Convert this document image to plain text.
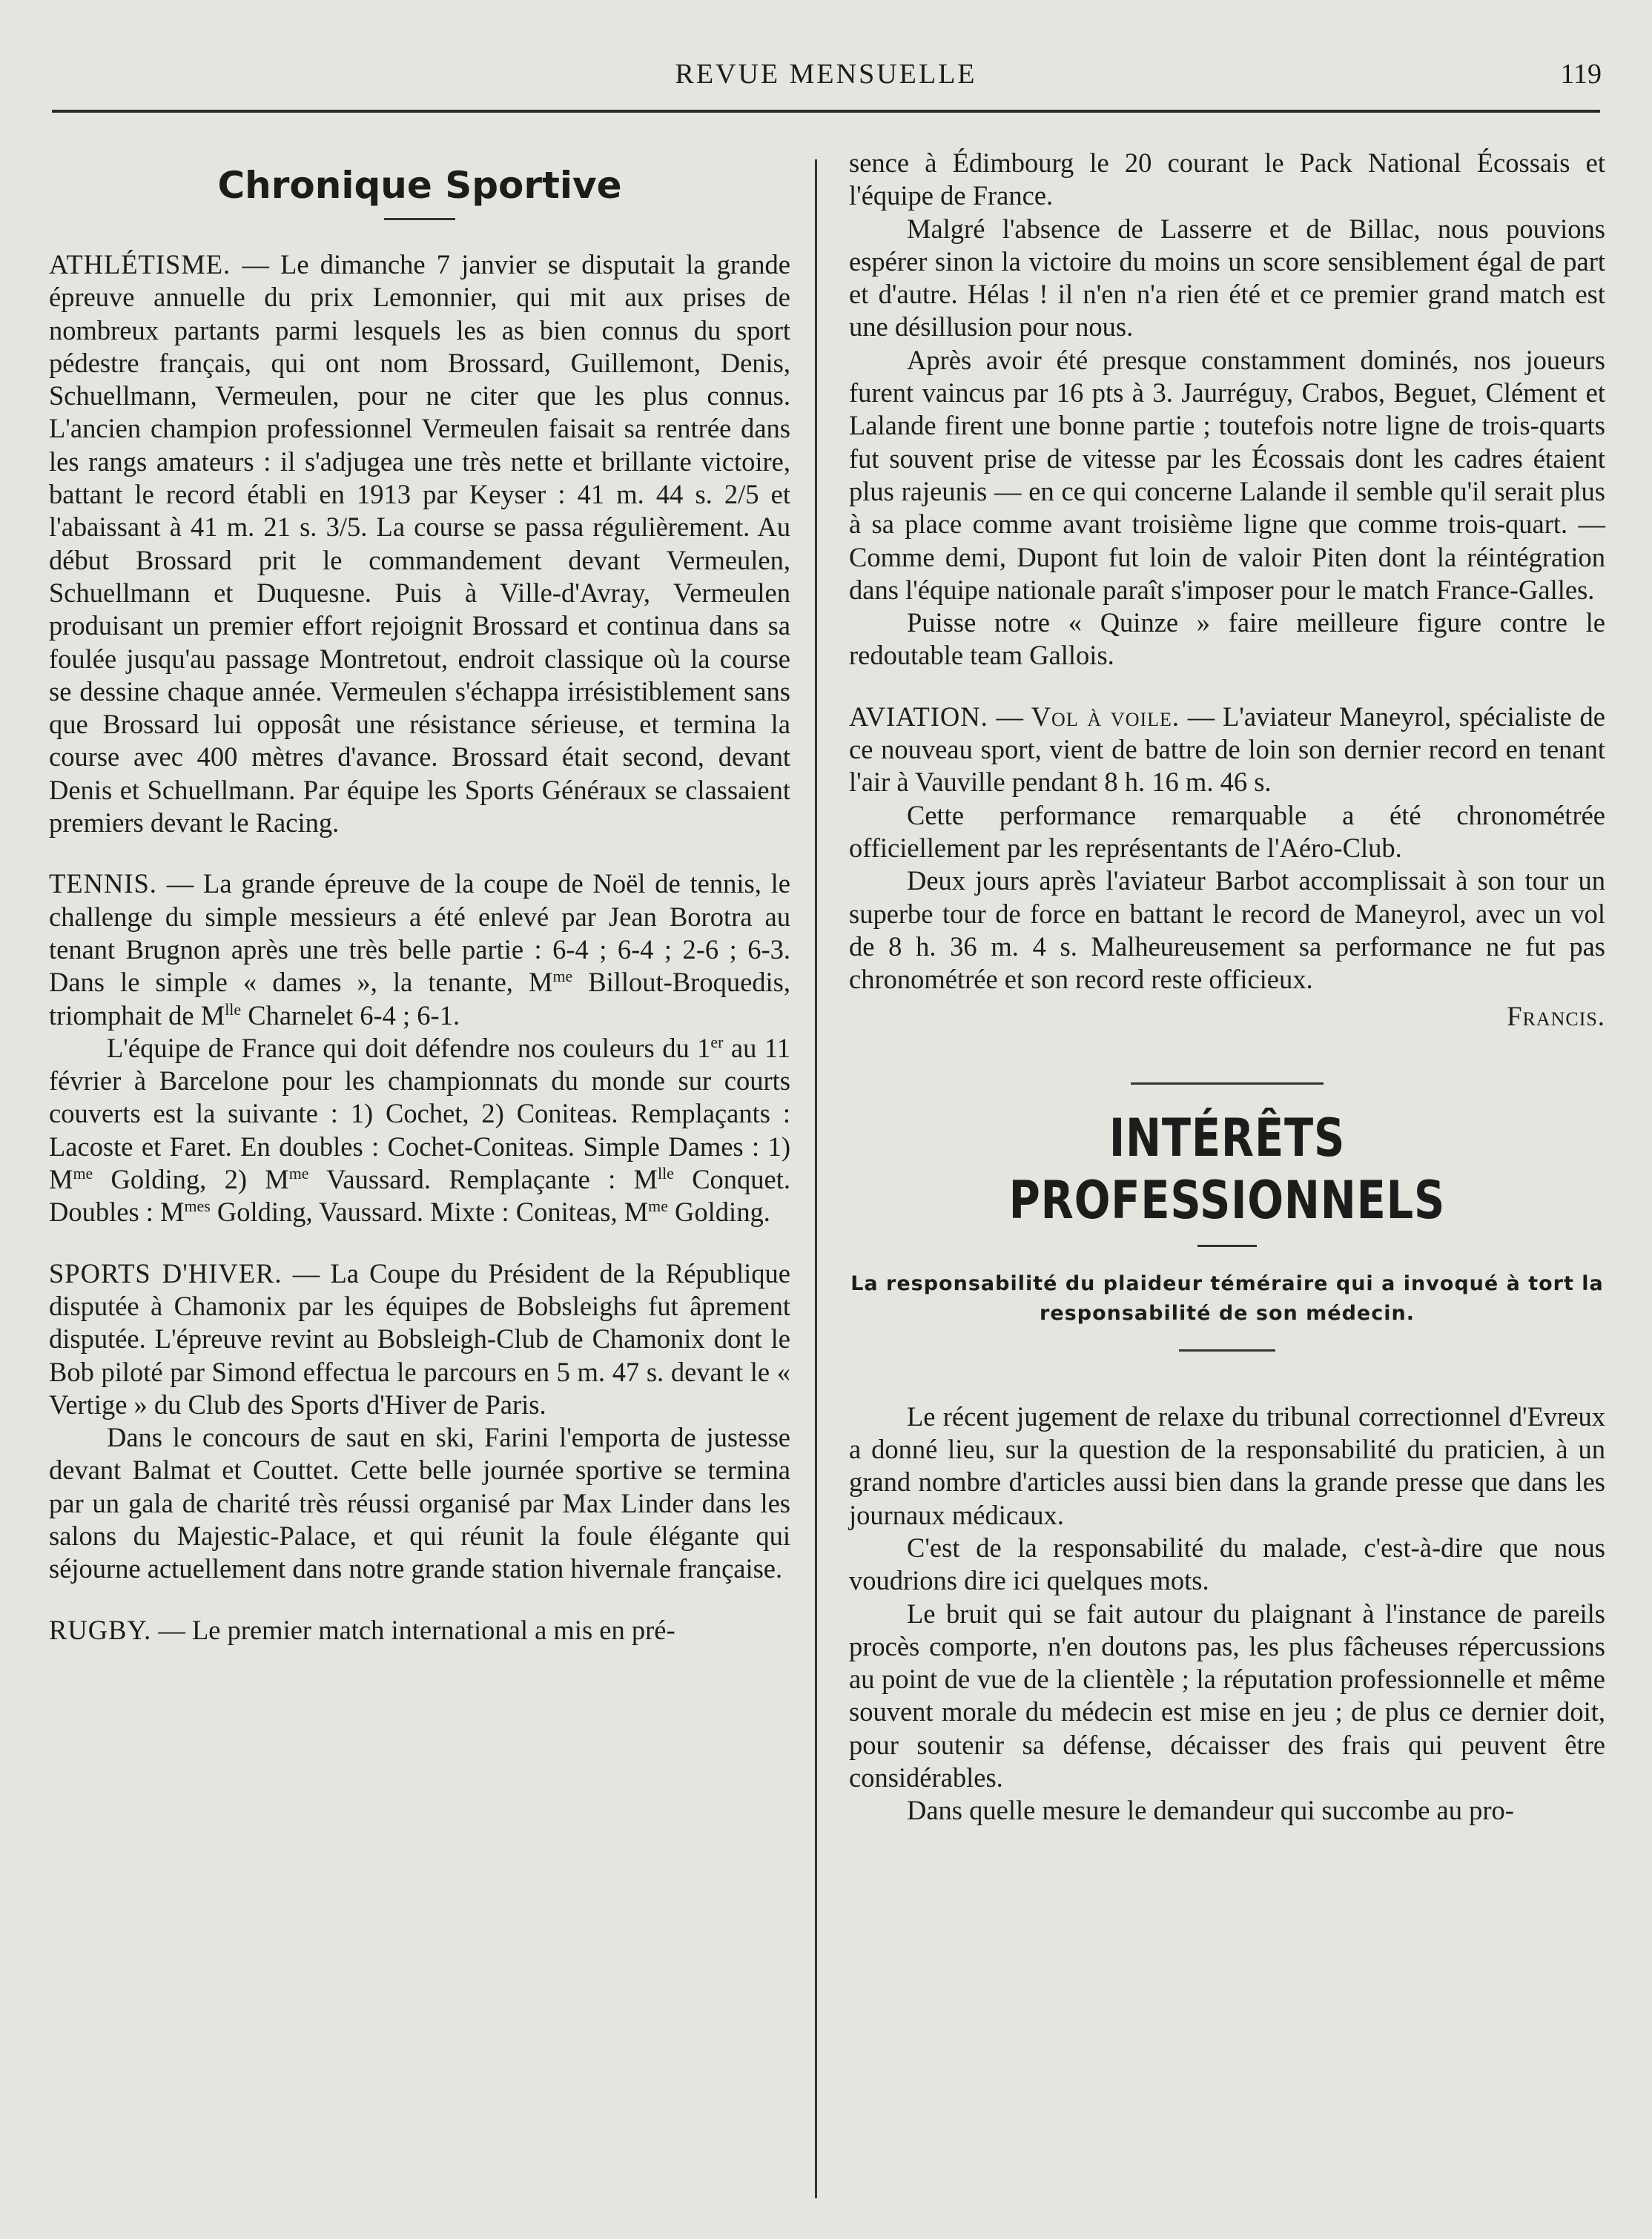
REVUE MENSUELLE	119

Chronique Sportive

ATHLÉTISME. — Le dimanche 7 janvier se disputait la grande épreuve annuelle du prix Lemonnier, qui mit aux prises de nombreux partants parmi lesquels les as bien connus du sport pédestre français, qui ont nom Brossard, Guillemont, Denis, Schuellmann, Vermeulen, pour ne citer que les plus connus. L'ancien champion professionnel Vermeulen faisait sa rentrée dans les rangs amateurs : il s'adjugea une très nette et brillante victoire, battant le record établi en 1913 par Keyser : 41 m. 44 s. 2/5 et l'abaissant à 41 m. 21 s. 3/5. La course se passa régulièrement. Au début Brossard prit le commandement devant Vermeulen, Schuellmann et Duquesne. Puis à Ville-d'Avray, Vermeulen produisant un premier effort rejoignit Brossard et continua dans sa foulée jusqu'au passage Montretout, endroit classique où la course se dessine chaque année. Vermeulen s'échappa irrésistiblement sans que Brossard lui opposât une résistance sérieuse, et termina la course avec 400 mètres d'avance. Brossard était second, devant Denis et Schuellmann. Par équipe les Sports Généraux se classaient premiers devant le Racing.

TENNIS. — La grande épreuve de la coupe de Noël de tennis, le challenge du simple messieurs a été enlevé par Jean Borotra au tenant Brugnon après une très belle partie : 6-4 ; 6-4 ; 2-6 ; 6-3. Dans le simple « dames », la tenante, $M^{me}$ Billout-Broquedis, triomphait de $M^{lle}$ Charnelet 6-4 ; 6-1.

L'équipe de France qui doit défendre nos couleurs du 1er au 11 février à Barcelone pour les championnats du monde sur courts couverts est la suivante : 1) Cochet, 2) Coniteas. Remplaçants : Lacoste et Faret. En doubles : Cochet-Coniteas. Simple Dames : 1) $M^{me}$ Golding, 2) $M^{me}$ Vaussard. Remplaçante : $M^{lle}$ Conquet. Doubles : $M^{mes}$ Golding, Vaussard. Mixte : Coniteas, $M^{me}$ Golding.

SPORTS D'HIVER. — La Coupe du Président de la République disputée à Chamonix par les équipes de Bobsleighs fut âprement disputée. L'épreuve revint au Bobsleigh-Club de Chamonix dont le Bob piloté par Simond effectua le parcours en 5 m. 47 s. devant le « Vertige » du Club des Sports d'Hiver de Paris.

Dans le concours de saut en ski, Farini l'emporta de justesse devant Balmat et Couttet. Cette belle journée sportive se termina par un gala de charité très réussi organisé par Max Linder dans les salons du Majestic-Palace, et qui réunit la foule élégante qui séjourne actuellement dans notre grande station hivernale française.

RUGBY. — Le premier match international a mis en pré-

sence à Édimbourg le 20 courant le Pack National Écossais et l'équipe de France.

Malgré l'absence de Lasserre et de Billac, nous pouvions espérer sinon la victoire du moins un score sensiblement égal de part et d'autre. Hélas ! il n'en n'a rien été et ce premier grand match est une désillusion pour nous.

Après avoir été presque constamment dominés, nos joueurs furent vaincus par 16 pts à 3. Jaurréguy, Crabos, Beguet, Clément et Lalande firent une bonne partie ; toutefois notre ligne de trois-quarts fut souvent prise de vitesse par les Écossais dont les cadres étaient plus rajeunis — en ce qui concerne Lalande il semble qu'il serait plus à sa place comme avant troisième ligne que comme trois-quart. — Comme demi, Dupont fut loin de valoir Piten dont la réintégration dans l'équipe nationale paraît s'imposer pour le match France-Galles.

Puisse notre « Quinze » faire meilleure figure contre le redoutable team Gallois.

AVIATION. — Vol à voile. — L'aviateur Maneyrol, spécialiste de ce nouveau sport, vient de battre de loin son dernier record en tenant l'air à Vauville pendant 8 h. 16 m. 46 s.

Cette performance remarquable a été chronométrée officiellement par les représentants de l'Aéro-Club.

Deux jours après l'aviateur Barbot accomplissait à son tour un superbe tour de force en battant le record de Maneyrol, avec un vol de 8 h. 36 m. 4 s. Malheureusement sa performance ne fut pas chronométrée et son record reste officieux.

Francis.

INTÉRÊTS PROFESSIONNELS

La responsabilité du plaideur téméraire qui a invoqué à tort la responsabilité de son médecin.

Le récent jugement de relaxe du tribunal correctionnel d'Evreux a donné lieu, sur la question de la responsabilité du praticien, à un grand nombre d'articles aussi bien dans la grande presse que dans les journaux médicaux.

C'est de la responsabilité du malade, c'est-à-dire que nous voudrions dire ici quelques mots.

Le bruit qui se fait autour du plaignant à l'instance de pareils procès comporte, n'en doutons pas, les plus fâcheuses répercussions au point de vue de la clientèle ; la réputation professionnelle et même souvent morale du médecin est mise en jeu ; de plus ce dernier doit, pour soutenir sa défense, décaisser des frais qui peuvent être considérables.

Dans quelle mesure le demandeur qui succombe au pro-
